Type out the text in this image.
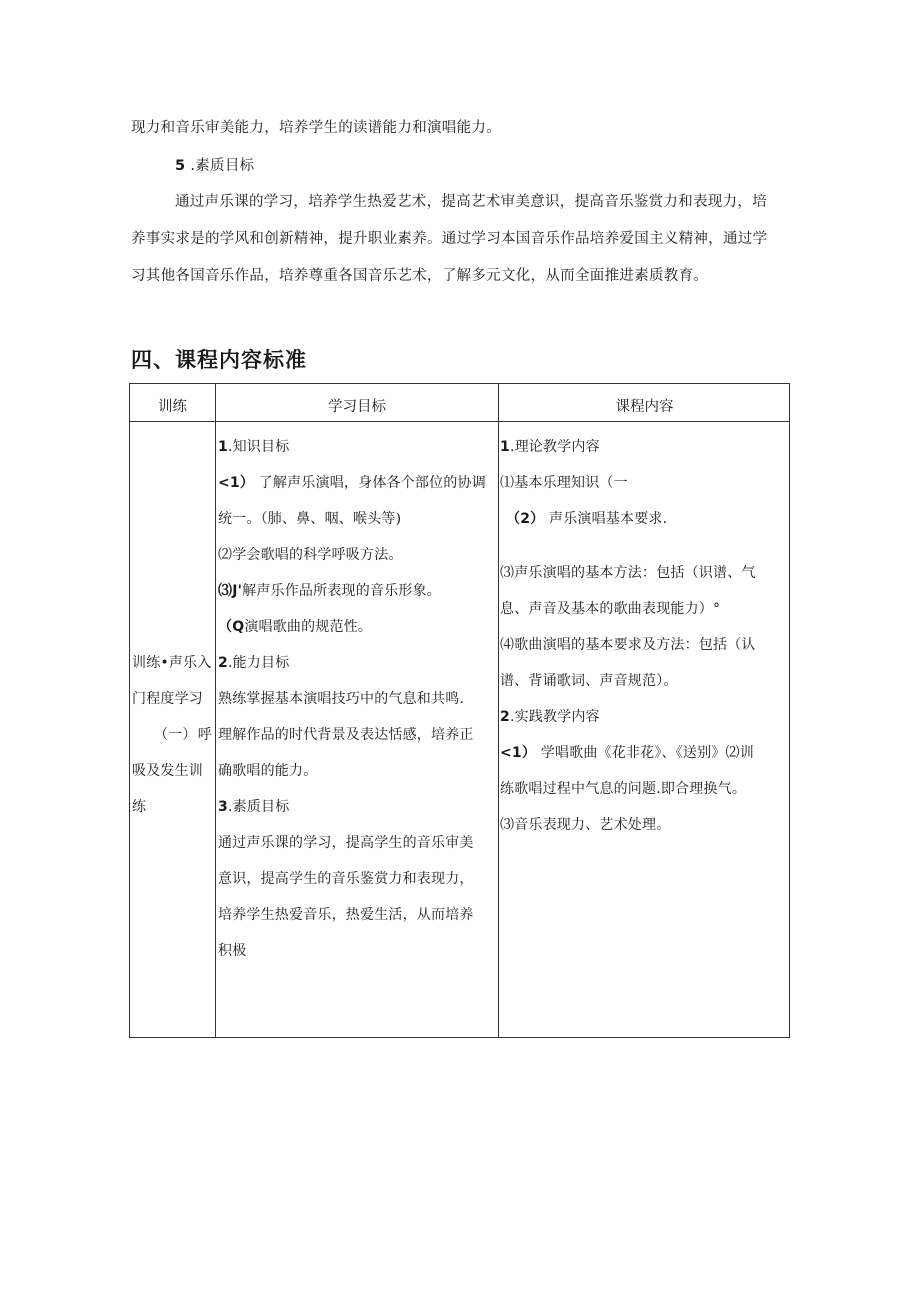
现力和音乐审美能力，培养学生的读谱能力和演唱能力。
5 .素质目标
通过声乐课的学习，培养学生热爱艺术，提高艺术审美意识，提高音乐鉴赏力和表现力，培
养事实求是的学风和创新精神，提升职业素养。通过学习本国音乐作品培养爱国主义精神，通过学
习其他各国音乐作品，培养尊重各国音乐艺术，了解多元文化，从而全面推进素质教育。
四、课程内容标准
训练	学习目标	课程内容
训练•声乐入
门程度学习
（一） 呼
吸及发生训
练
1.知识目标
<1） 了解声乐演唱，身体各个部位的协调
统一。（肺、鼻、咽、喉头等)
⑵学会歌唱的科学呼吸方法。
⑶J'解声乐作品所表现的音乐形象。
（Q演唱歌曲的规范性。
2.能力目标
熟练掌握基本演唱技巧中的气息和共鸣.
理解作品的时代背景及表达恬感，培养正
确歌唱的能力。
3.素质目标
通过声乐课的学习，提高学生的音乐审美
意识，提高学生的音乐鉴赏力和表现力，
培养学生热爱音乐，热爱生活，从而培养
积极
1.理论教学内容
⑴基本乐理知识（一
（2） 声乐演唱基本要求.
⑶声乐演唱的基本方法：包括（识谱、气
息、声音及基本的歌曲表现能力）°
⑷歌曲演唱的基本要求及方法：包括（认
谱、背诵歌词、声音规范）。
2.实践教学内容
<1） 学唱歌曲《花非花》、《送别》⑵训
练歌唱过程中气息的问题.即合理换气。
⑶音乐表现力、艺术处理。
